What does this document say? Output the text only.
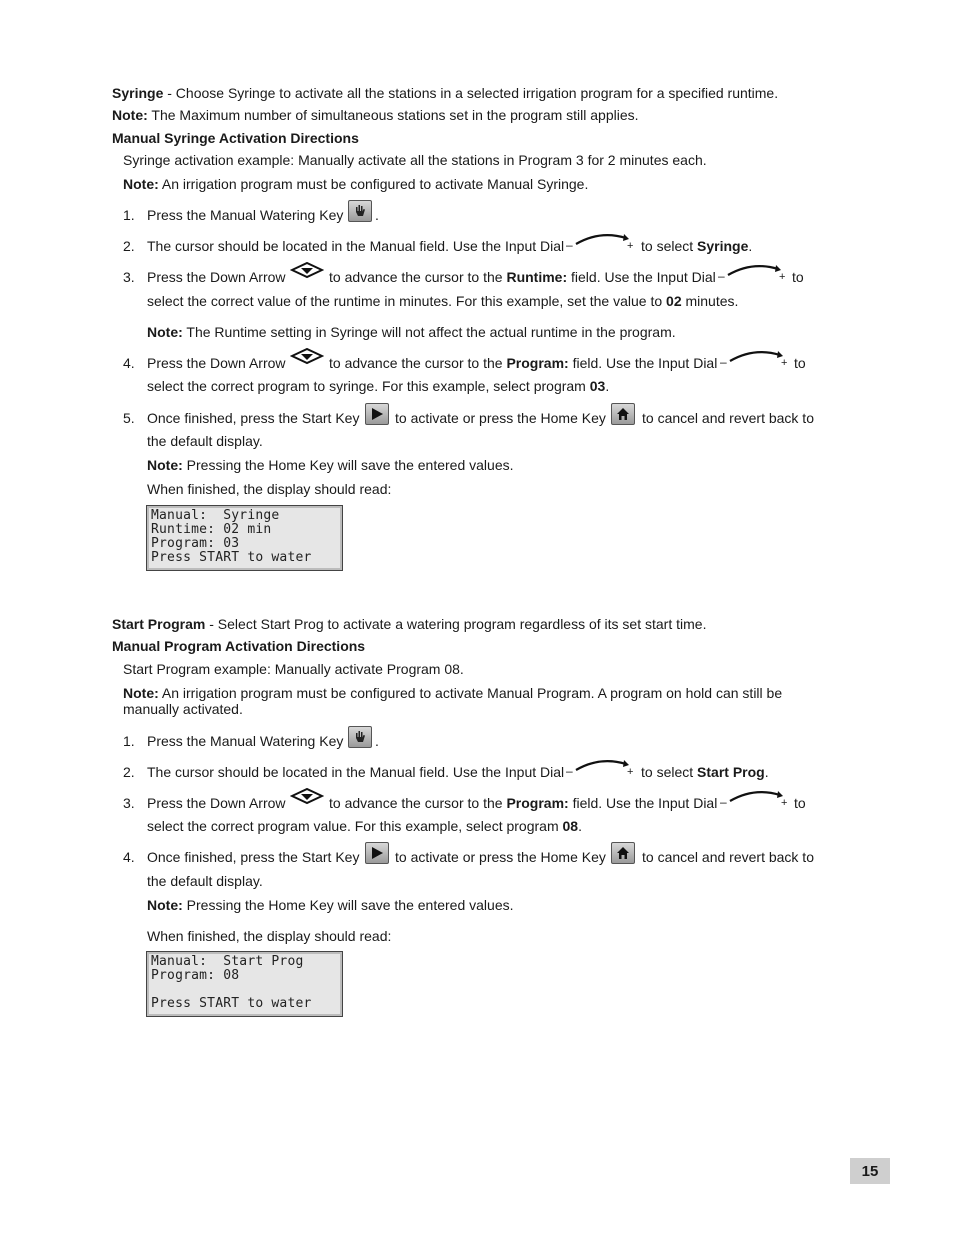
Syringe - Choose Syringe to activate all the stations in a selected irrigation program for a specified runtime.
Note: The Maximum number of simultaneous stations set in the program still applies.
Manual Syringe Activation Directions
Syringe activation example: Manually activate all the stations in Program 3 for 2 minutes each.
Note: An irrigation program must be configured to activate Manual Syringe.
1. Press the Manual Watering Key .
2. The cursor should be located in the Manual field. Use the Input Dial –	+ to select Syringe.
3. Press the Down Arrow	to advance the cursor to the Runtime: field. Use the Input Dial –	+ to
select the correct value of the runtime in minutes. For this example, set the value to 02 minutes.
Note: The Runtime setting in Syringe will not affect the actual runtime in the program.
4. Press the Down Arrow	to advance the cursor to the Program: field. Use the Input Dial –	+ to
select the correct program to syringe. For this example, select program 03.
5. Once finished, press the Start Key	to activate or press the Home Key	to cancel and revert back to
the default display.
Note: Pressing the Home Key will save the entered values.
When finished, the display should read:
Manual:  Syringe
Runtime: 02 min
Program: 03
Press START to water
Start Program - Select Start Prog to activate a watering program regardless of its set start time.
Manual Program Activation Directions
Start Program example: Manually activate Program 08.
Note: An irrigation program must be configured to activate Manual Program. A program on hold can still be
manually activated.
1. Press the Manual Watering Key .
2. The cursor should be located in the Manual field. Use the Input Dial –	+ to select Start Prog.
3. Press the Down Arrow	to advance the cursor to the Program: field. Use the Input Dial –	+ to
select the correct program value. For this example, select program 08.
4. Once finished, press the Start Key	to activate or press the Home Key	to cancel and revert back to
the default display.
Note: Pressing the Home Key will save the entered values.
When finished, the display should read:
Manual:  Start Prog
Program: 08

Press START to water
15
